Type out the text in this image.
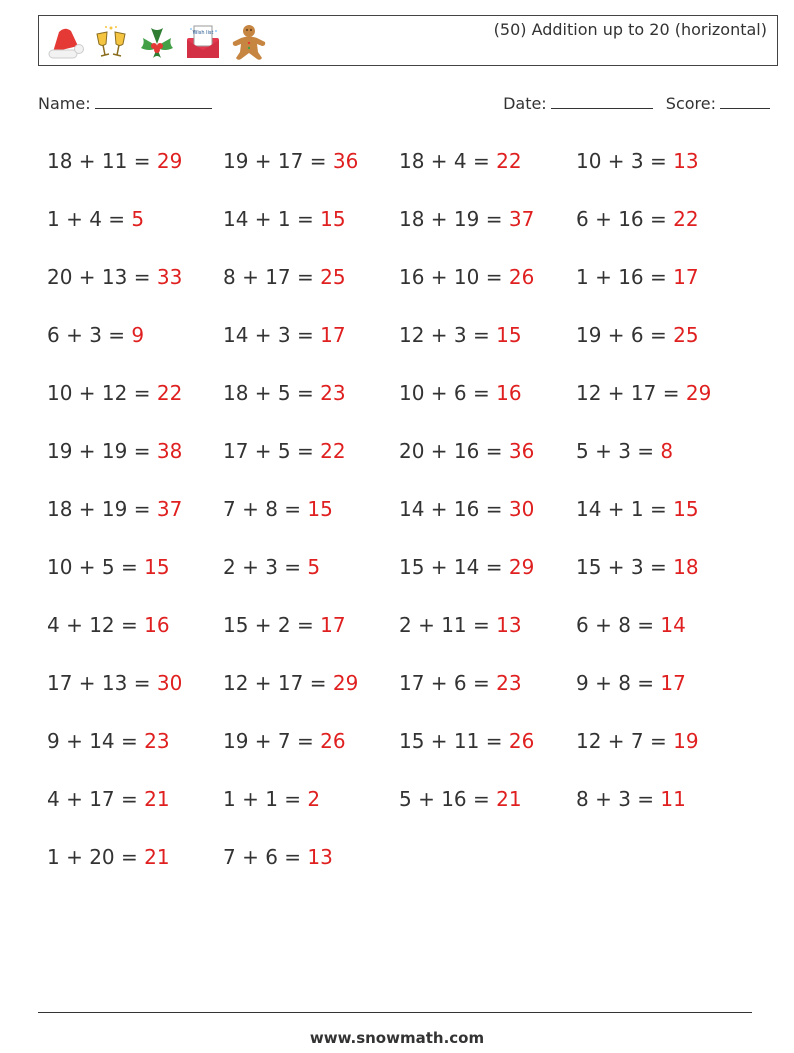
Wish list	(50) Addition up to 20 (horizontal)
Name:	Date:	Score:
18 + 11 = 29	19 + 17 = 36	18 + 4 = 22	10 + 3 = 13
1 + 4 = 5	14 + 1 = 15	18 + 19 = 37	6 + 16 = 22
20 + 13 = 33	8 + 17 = 25	16 + 10 = 26	1 + 16 = 17
6 + 3 = 9	14 + 3 = 17	12 + 3 = 15	19 + 6 = 25
10 + 12 = 22	18 + 5 = 23	10 + 6 = 16	12 + 17 = 29
19 + 19 = 38	17 + 5 = 22	20 + 16 = 36	5 + 3 = 8
18 + 19 = 37	7 + 8 = 15	14 + 16 = 30	14 + 1 = 15
10 + 5 = 15	2 + 3 = 5	15 + 14 = 29	15 + 3 = 18
4 + 12 = 16	15 + 2 = 17	2 + 11 = 13	6 + 8 = 14
17 + 13 = 30	12 + 17 = 29	17 + 6 = 23	9 + 8 = 17
9 + 14 = 23	19 + 7 = 26	15 + 11 = 26	12 + 7 = 19
4 + 17 = 21	1 + 1 = 2	5 + 16 = 21	8 + 3 = 11
1 + 20 = 21	7 + 6 = 13
www.snowmath.com
